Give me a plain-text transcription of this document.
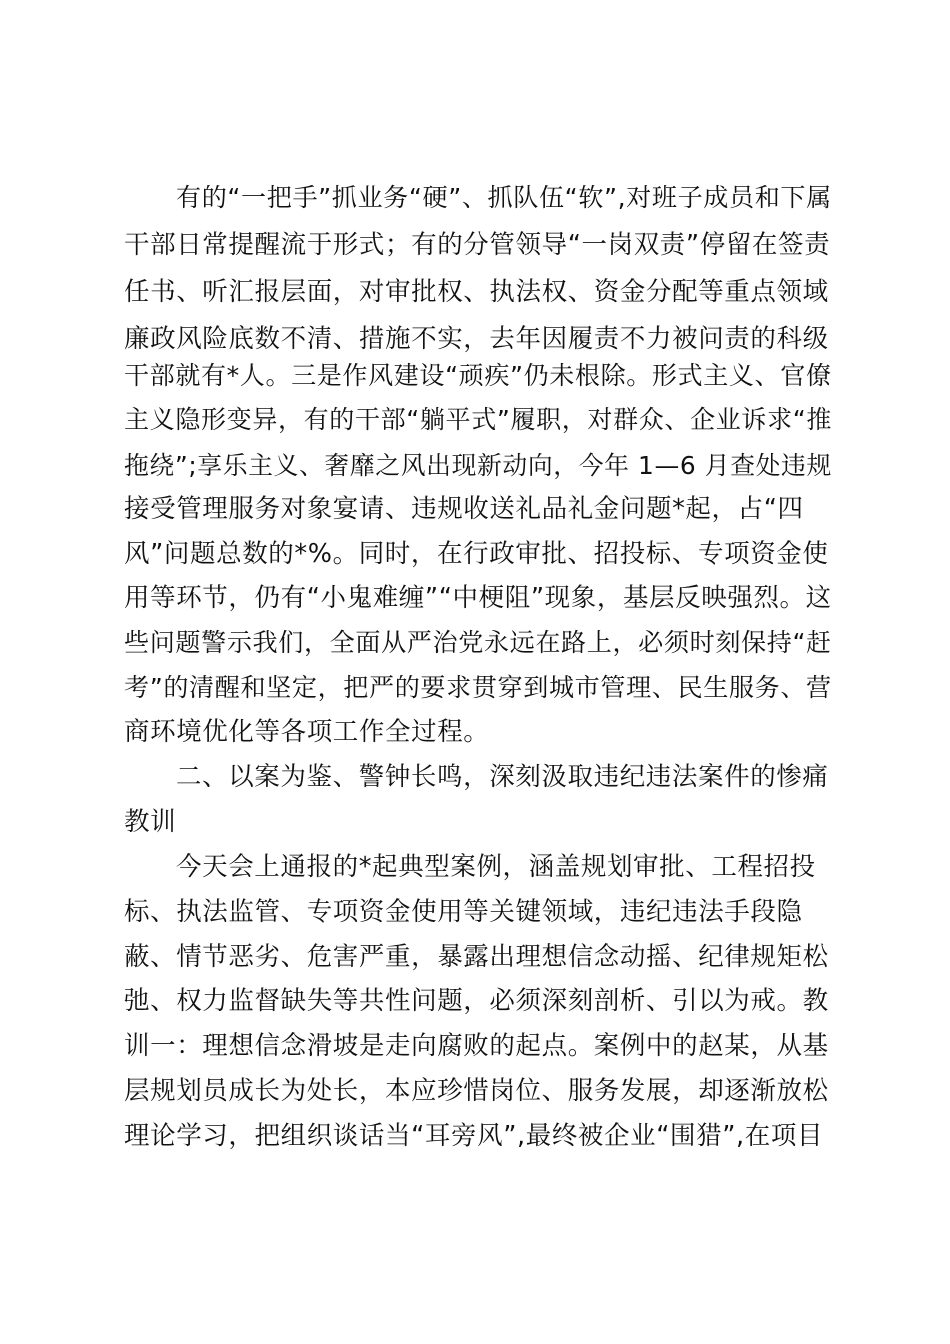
有的“一把手”抓业务“硬”、抓队伍“软”,对班子成员和下属
干部日常提醒流于形式；有的分管领导“一岗双责”停留在签责
任书、听汇报层面，对审批权、执法权、资金分配等重点领域
廉政风险底数不清、措施不实，去年因履责不力被问责的科级
干部就有*人。三是作风建设“顽疾”仍未根除。形式主义、官僚
主义隐形变异，有的干部“躺平式”履职，对群众、企业诉求“推
拖绕”;享乐主义、奢靡之风出现新动向，今年 1—6 月查处违规
接受管理服务对象宴请、违规收送礼品礼金问题*起，占“四
风”问题总数的*%。同时，在行政审批、招投标、专项资金使
用等环节，仍有“小鬼难缠”“中梗阻”现象，基层反映强烈。这
些问题警示我们，全面从严治党永远在路上，必须时刻保持“赶
考”的清醒和坚定，把严的要求贯穿到城市管理、民生服务、营
商环境优化等各项工作全过程。
二、以案为鉴、警钟长鸣，深刻汲取违纪违法案件的惨痛
教训
今天会上通报的*起典型案例，涵盖规划审批、工程招投
标、执法监管、专项资金使用等关键领域，违纪违法手段隐
蔽、情节恶劣、危害严重，暴露出理想信念动摇、纪律规矩松
弛、权力监督缺失等共性问题，必须深刻剖析、引以为戒。教
训一：理想信念滑坡是走向腐败的起点。案例中的赵某，从基
层规划员成长为处长，本应珍惜岗位、服务发展，却逐渐放松
理论学习，把组织谈话当“耳旁风”,最终被企业“围猎”,在项目
